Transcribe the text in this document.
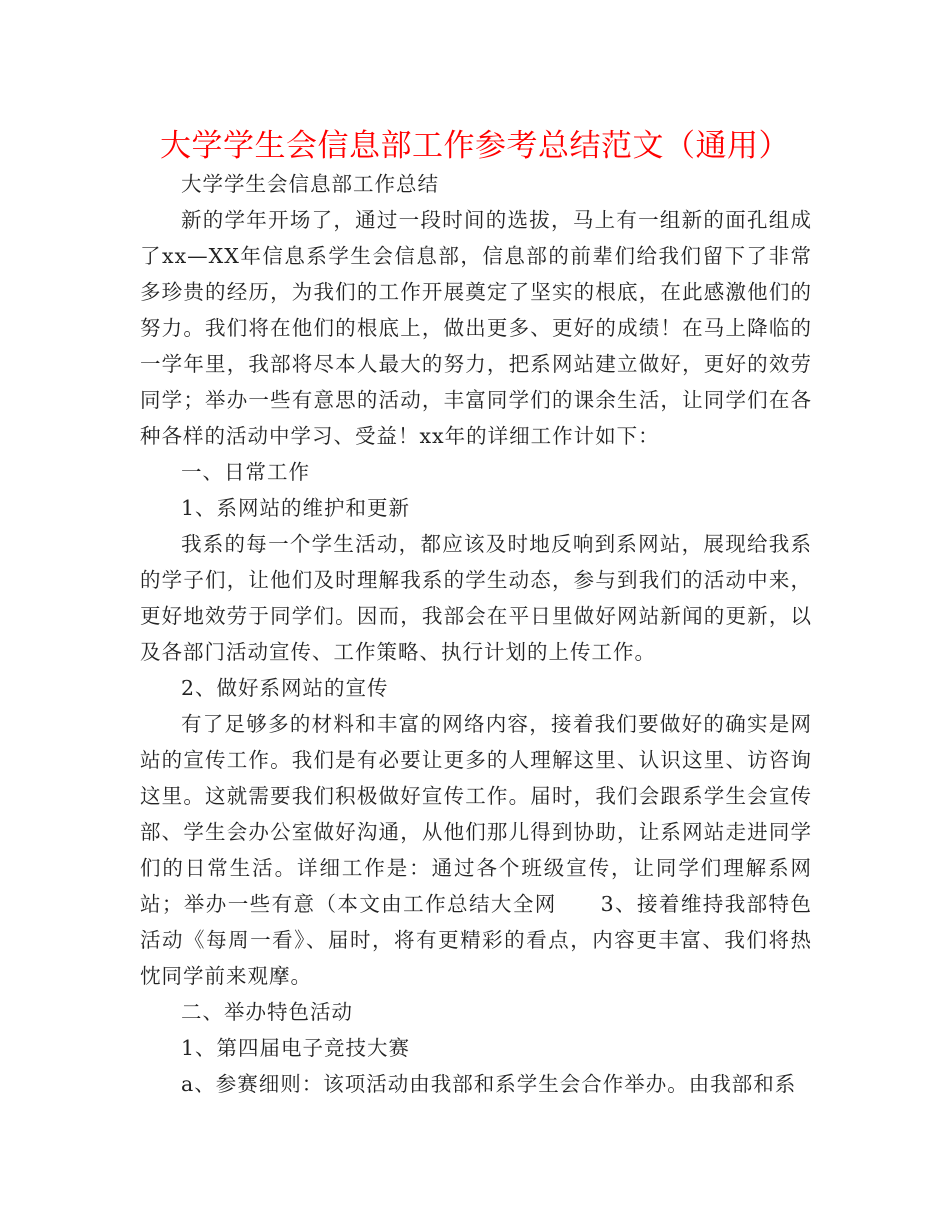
大学学生会信息部工作参考总结范文（通用）

大学学生会信息部工作总结

新的学年开场了，通过一段时间的选拔，马上有一组新的面孔组成了xx—XX年信息系学生会信息部，信息部的前辈们给我们留下了非常多珍贵的经历，为我们的工作开展奠定了坚实的根底，在此感激他们的努力。我们将在他们的根底上，做出更多、更好的成绩！在马上降临的一学年里，我部将尽本人最大的努力，把系网站建立做好，更好的效劳同学；举办一些有意思的活动，丰富同学们的课余生活，让同学们在各种各样的活动中学习、受益！xx年的详细工作计如下：

一、日常工作

1、系网站的维护和更新

我系的每一个学生活动，都应该及时地反响到系网站，展现给我系的学子们，让他们及时理解我系的学生动态，参与到我们的活动中来，更好地效劳于同学们。因而，我部会在平日里做好网站新闻的更新，以及各部门活动宣传、工作策略、执行计划的上传工作。

2、做好系网站的宣传

有了足够多的材料和丰富的网络内容，接着我们要做好的确实是网站的宣传工作。我们是有必要让更多的人理解这里、认识这里、访咨询这里。这就需要我们积极做好宣传工作。届时，我们会跟系学生会宣传部、学生会办公室做好沟通，从他们那儿得到协助，让系网站走进同学们的日常生活。详细工作是：通过各个班级宣传，让同学们理解系网站；举办一些有意（本文由工作总结大全网　　3、接着维持我部特色活动《每周一看》、届时，将有更精彩的看点，内容更丰富、我们将热忱同学前来观摩。

二、举办特色活动

1、第四届电子竞技大赛

a、参赛细则：该项活动由我部和系学生会合作举办。由我部和系
